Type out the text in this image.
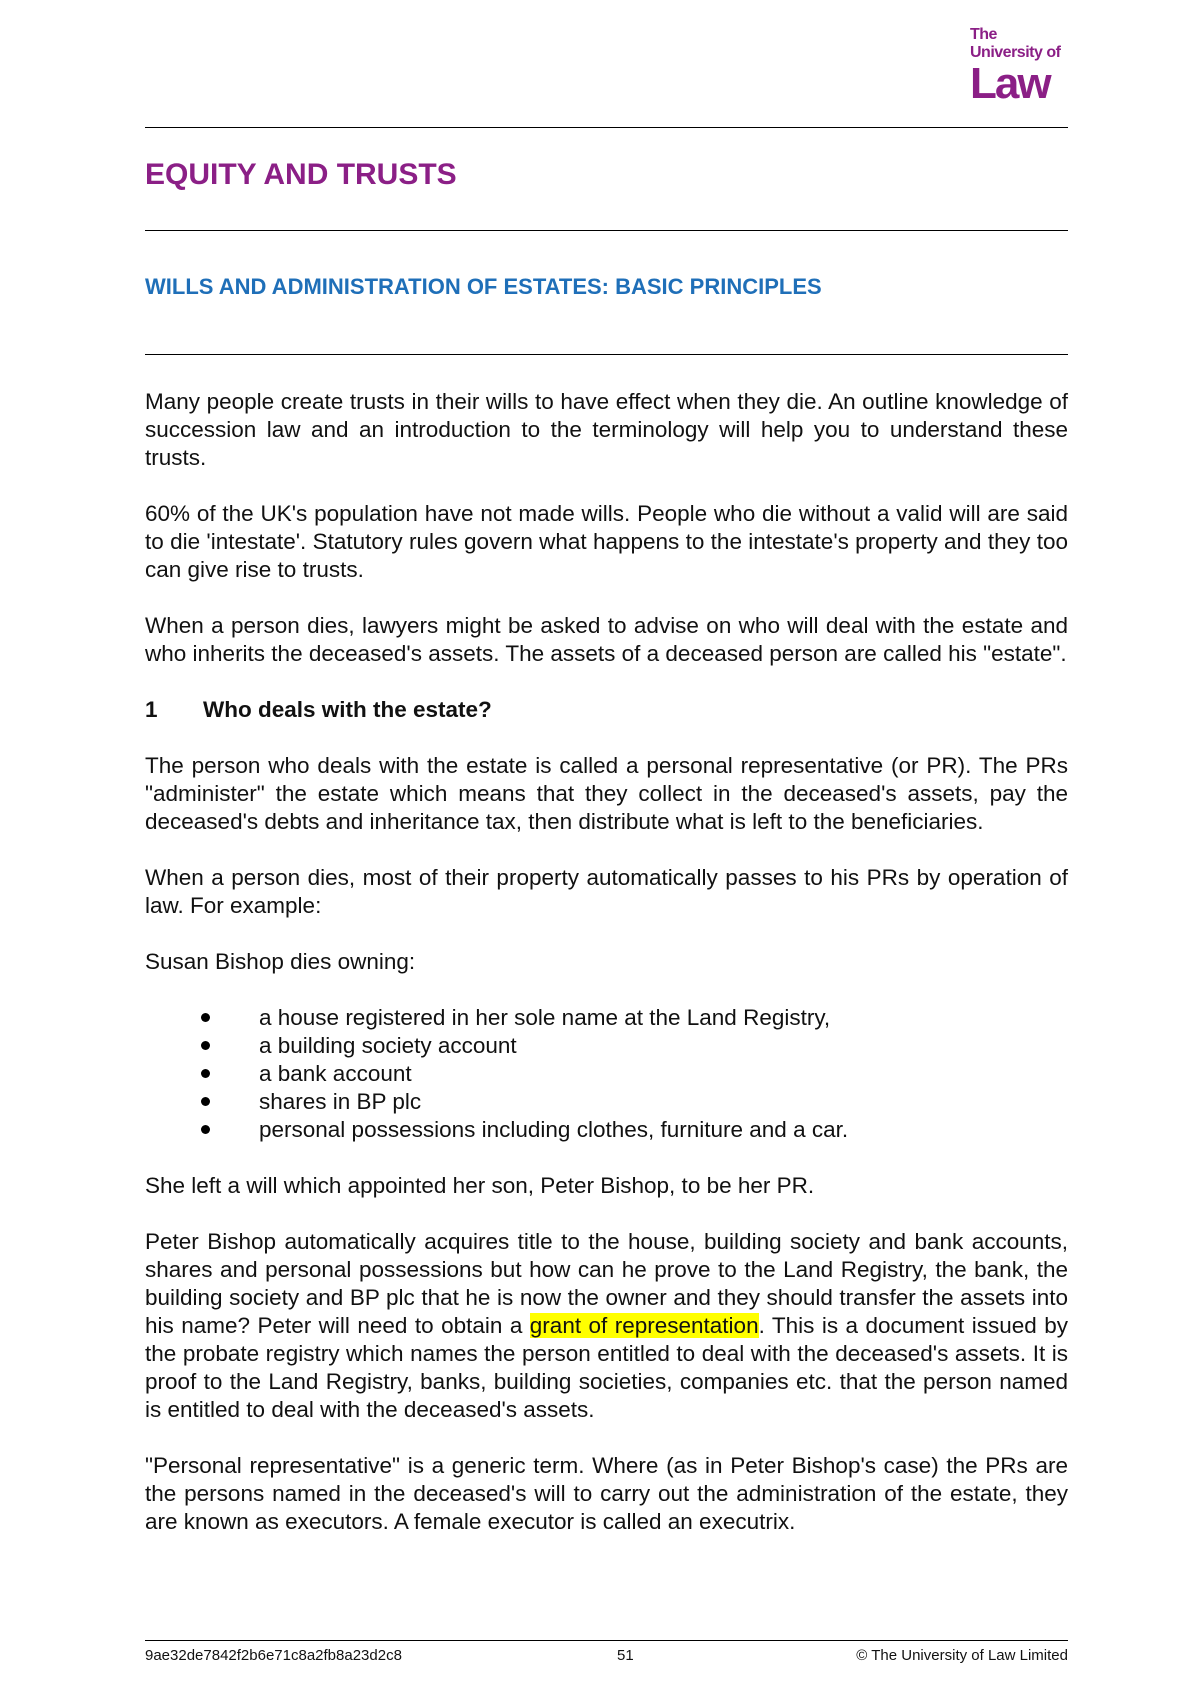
The
University of
Law
EQUITY AND TRUSTS
WILLS AND ADMINISTRATION OF ESTATES: BASIC PRINCIPLES

Many people create trusts in their wills to have effect when they die. An outline knowledge of succession law and an introduction to the terminology will help you to understand these trusts.

60% of the UK's population have not made wills. People who die without a valid will are said to die 'intestate'. Statutory rules govern what happens to the intestate's property and they too can give rise to trusts.

When a person dies, lawyers might be asked to advise on who will deal with the estate and who inherits the deceased's assets. The assets of a deceased person are called his "estate".

1	Who deals with the estate?

The person who deals with the estate is called a personal representative (or PR). The PRs "administer" the estate which means that they collect in the deceased's assets, pay the deceased's debts and inheritance tax, then distribute what is left to the beneficiaries.

When a person dies, most of their property automatically passes to his PRs by operation of law. For example:

Susan Bishop dies owning:

a house registered in her sole name at the Land Registry,
a building society account
a bank account
shares in BP plc
personal possessions including clothes, furniture and a car.

She left a will which appointed her son, Peter Bishop, to be her PR.

Peter Bishop automatically acquires title to the house, building society and bank accounts, shares and personal possessions but how can he prove to the Land Registry, the bank, the building society and BP plc that he is now the owner and they should transfer the assets into his name? Peter will need to obtain a grant of representation. This is a document issued by the probate registry which names the person entitled to deal with the deceased's assets. It is proof to the Land Registry, banks, building societies, companies etc. that the person named is entitled to deal with the deceased's assets.

"Personal representative" is a generic term. Where (as in Peter Bishop's case) the PRs are the persons named in the deceased's will to carry out the administration of the estate, they are known as executors. A female executor is called an executrix.

9ae32de7842f2b6e71c8a2fb8a23d2c8	51	© The University of Law Limited
